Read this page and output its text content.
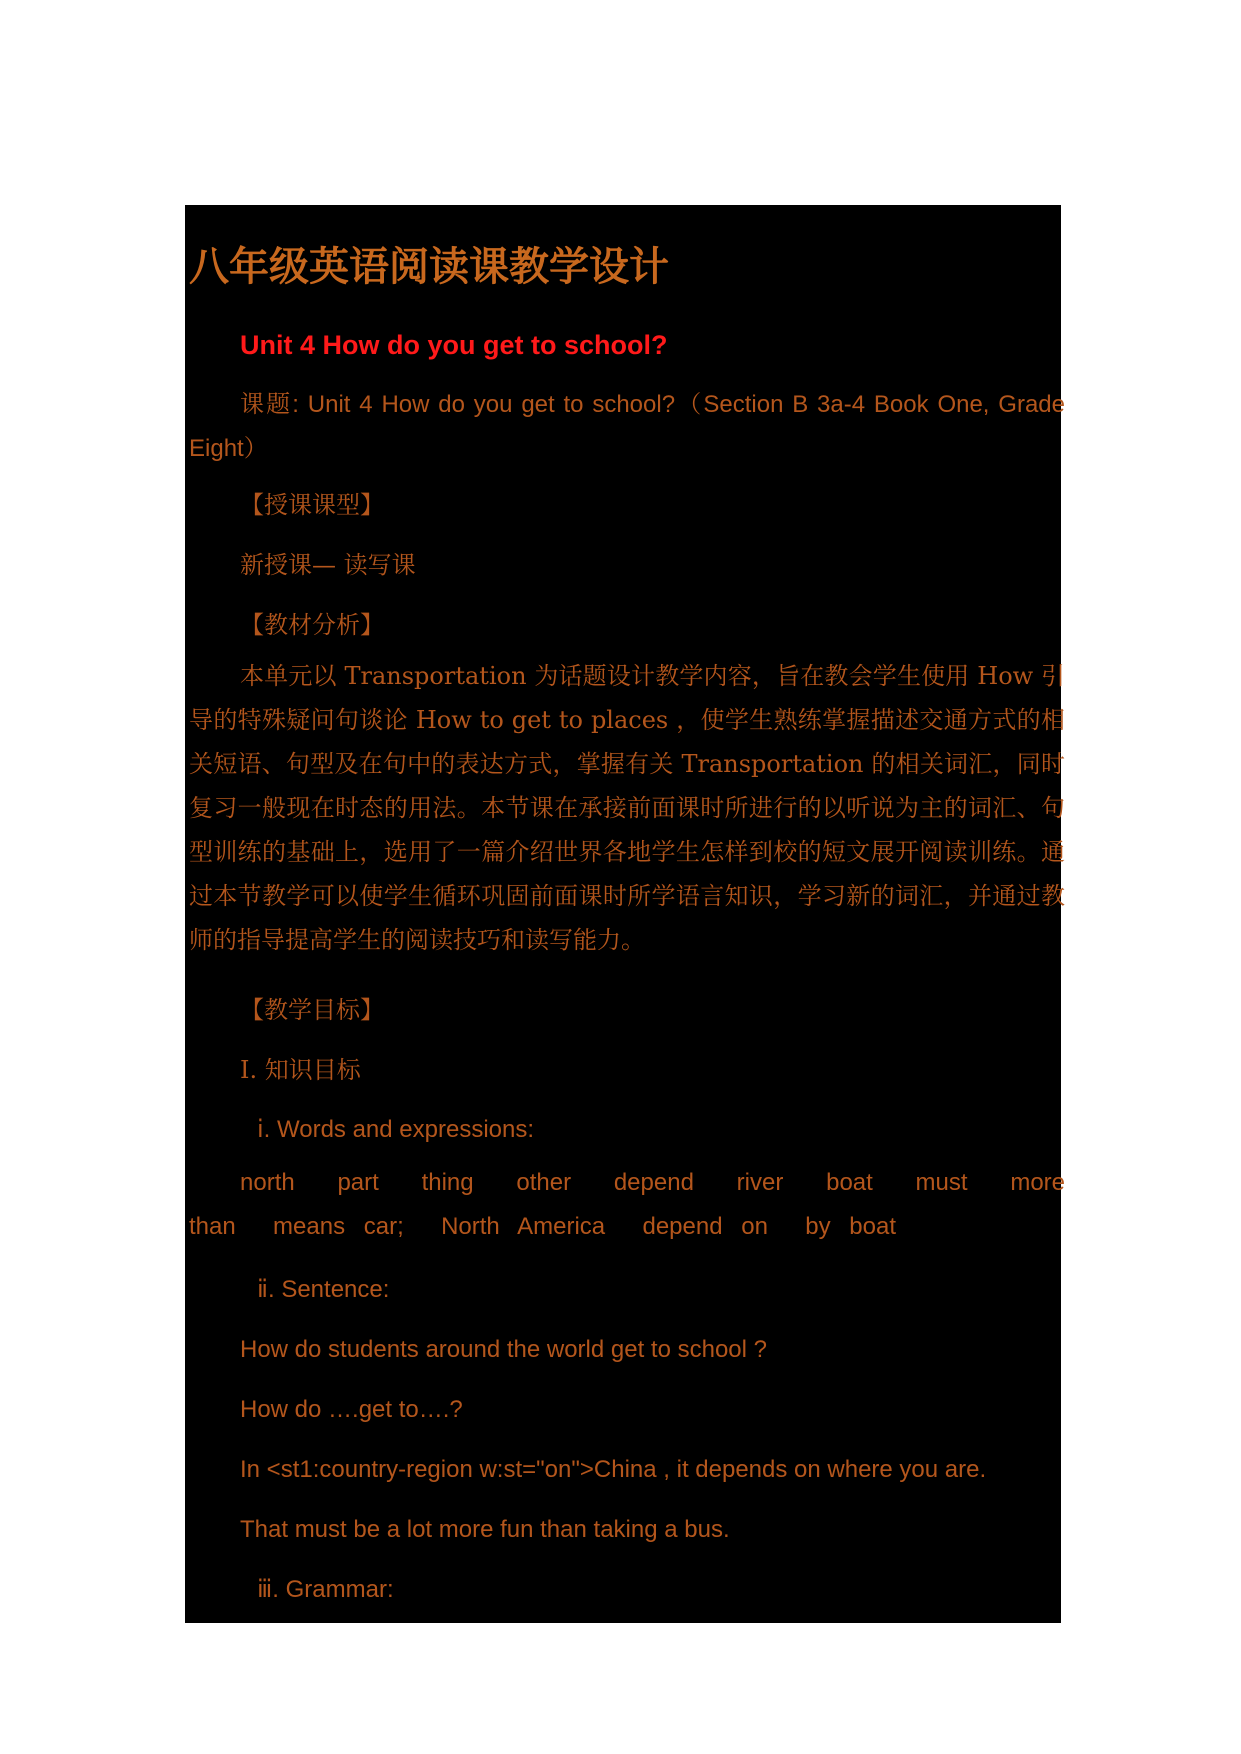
八年级英语阅读课教学设计

Unit 4 How do you get to school?

课题: Unit 4 How do you get to school?（Section B 3a-4 Book One, Grade Eight）

【授课课型】

新授课— 读写课

【教材分析】

本单元以 Transportation 为话题设计教学内容，旨在教会学生使用 How 引导的特殊疑问句谈论 How to get to places ，使学生熟练掌握描述交通方式的相关短语、句型及在句中的表达方式，掌握有关 Transportation 的相关词汇，同时复习一般现在时态的用法。本节课在承接前面课时所进行的以听说为主的词汇、句型训练的基础上，选用了一篇介绍世界各地学生怎样到校的短文展开阅读训练。通过本节教学可以使学生循环巩固前面课时所学语言知识，学习新的词汇，并通过教师的指导提高学生的阅读技巧和读写能力。

【教学目标】

Ⅰ. 知识目标

ⅰ. Words and expressions:

north  part  thing  other  depend  river  boat  must  more  than  means car;  North America  depend on  by boat

ⅱ. Sentence:

How do students around the world get to school ?

How do ….get to….?

In <st1:country-region w:st="on">China , it depends on where you are.

That must be a lot more fun than taking a bus.

ⅲ. Grammar:
